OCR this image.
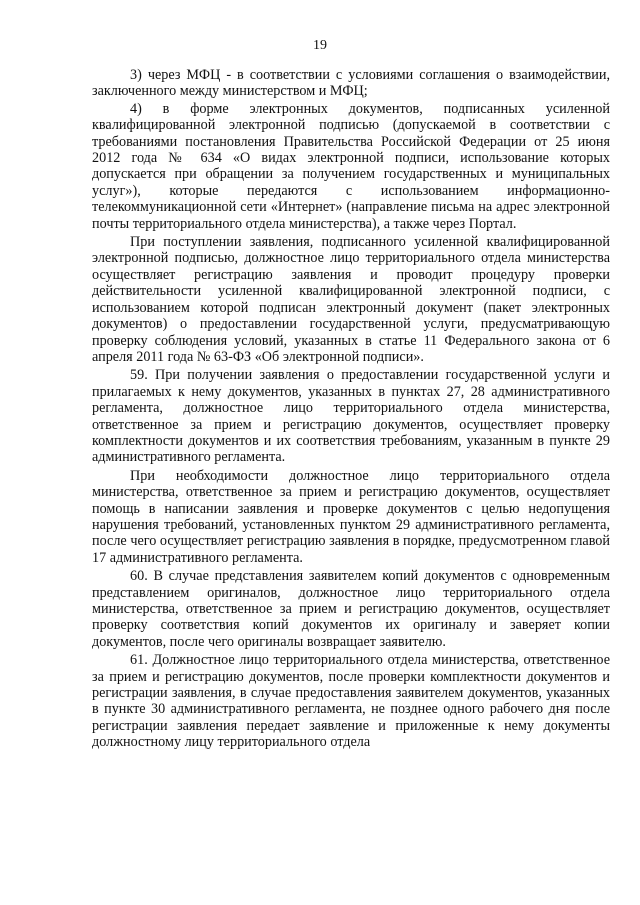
19

3) через МФЦ - в соответствии с условиями соглашения о взаимодействии, заключенного между министерством и МФЦ;

4) в форме электронных документов, подписанных усиленной квалифицированной электронной подписью (допускаемой в соответствии с требованиями постановления Правительства Российской Федерации от 25 июня 2012 года № 634 «О видах электронной подписи, использование которых допускается при обращении за получением государственных и муниципальных услуг»), которые передаются с использованием информационно-телекоммуникационной сети «Интернет» (направление письма на адрес электронной почты территориального отдела министерства), а также через Портал.

При поступлении заявления, подписанного усиленной квалифицированной электронной подписью, должностное лицо территориального отдела министерства осуществляет регистрацию заявления и проводит процедуру проверки действительности усиленной квалифицированной электронной подписи, с использованием которой подписан электронный документ (пакет электронных документов) о предоставлении государственной услуги, предусматривающую проверку соблюдения условий, указанных в статье 11 Федерального закона от 6 апреля 2011 года № 63-ФЗ «Об электронной подписи».

59. При получении заявления о предоставлении государственной услуги и прилагаемых к нему документов, указанных в пунктах 27, 28 административного регламента, должностное лицо территориального отдела министерства, ответственное за прием и регистрацию документов, осуществляет проверку комплектности документов и их соответствия требованиям, указанным в пункте 29 административного регламента.

При необходимости должностное лицо территориального отдела министерства, ответственное за прием и регистрацию документов, осуществляет помощь в написании заявления и проверке документов с целью недопущения нарушения требований, установленных пунктом 29 административного регламента, после чего осуществляет регистрацию заявления в порядке, предусмотренном главой 17 административного регламента.

60. В случае представления заявителем копий документов с одновременным представлением оригиналов, должностное лицо территориального отдела министерства, ответственное за прием и регистрацию документов, осуществляет проверку соответствия копий документов их оригиналу и заверяет копии документов, после чего оригиналы возвращает заявителю.

61. Должностное лицо территориального отдела министерства, ответственное за прием и регистрацию документов, после проверки комплектности документов и регистрации заявления, в случае предоставления заявителем документов, указанных в пункте 30 административного регламента, не позднее одного рабочего дня после регистрации заявления передает заявление и приложенные к нему документы должностному лицу территориального отдела
